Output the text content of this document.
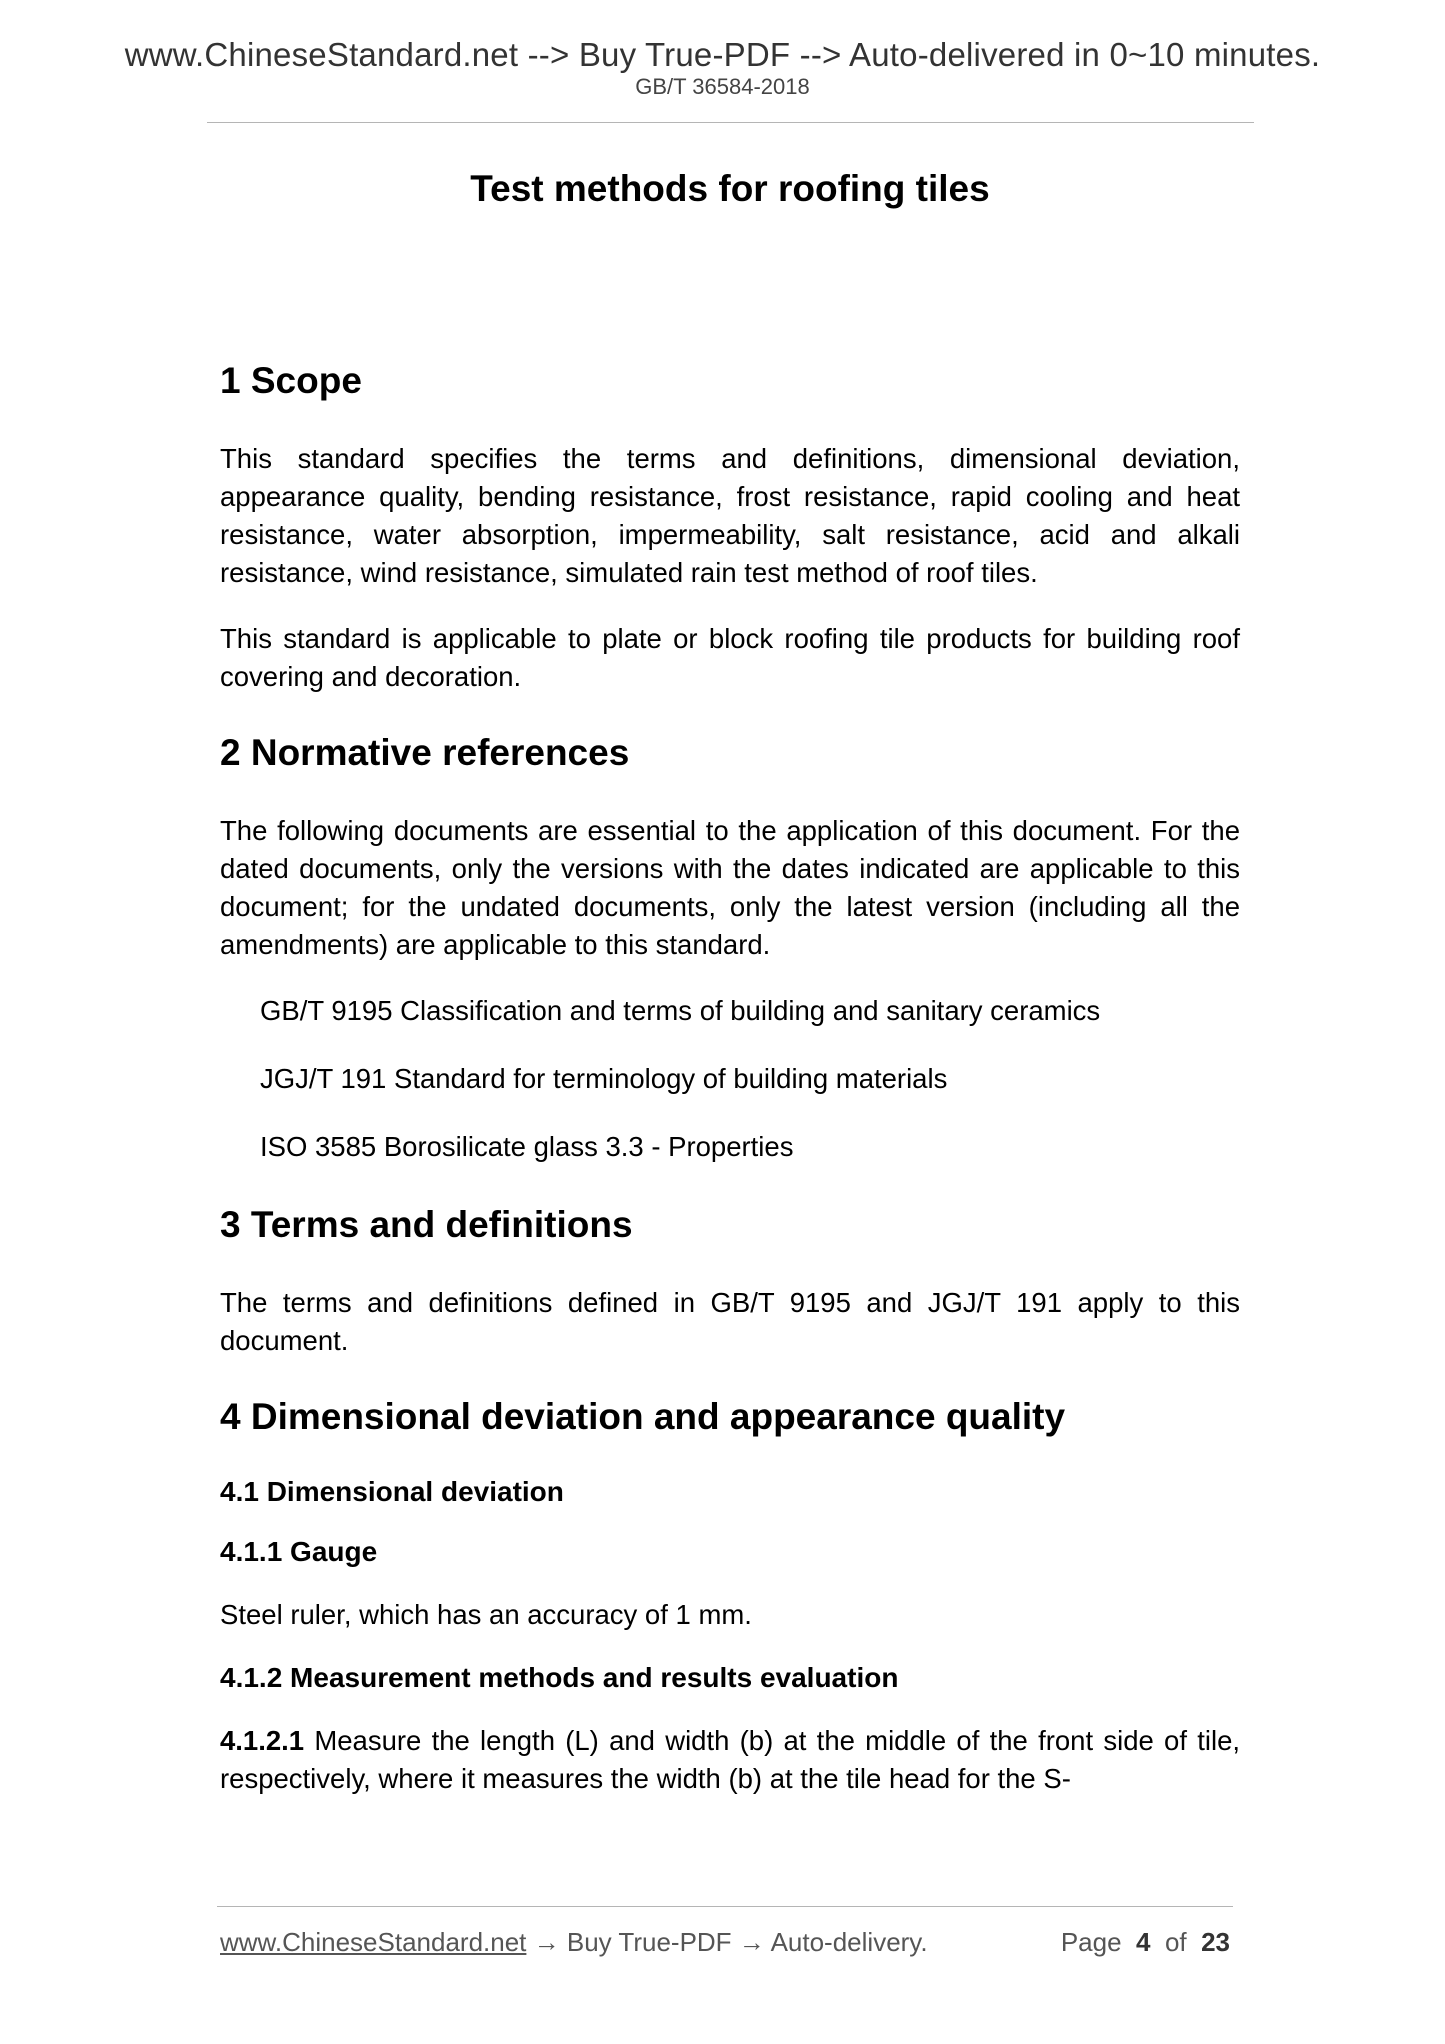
www.ChineseStandard.net --> Buy True-PDF --> Auto-delivered in 0~10 minutes.
GB/T 36584-2018
Test methods for roofing tiles
1 Scope

This standard specifies the terms and definitions, dimensional deviation, appearance quality, bending resistance, frost resistance, rapid cooling and heat resistance, water absorption, impermeability, salt resistance, acid and alkali resistance, wind resistance, simulated rain test method of roof tiles.

This standard is applicable to plate or block roofing tile products for building roof covering and decoration.

2 Normative references

The following documents are essential to the application of this document. For the dated documents, only the versions with the dates indicated are applicable to this document; for the undated documents, only the latest version (including all the amendments) are applicable to this standard.

GB/T 9195 Classification and terms of building and sanitary ceramics

JGJ/T 191 Standard for terminology of building materials

ISO 3585 Borosilicate glass 3.3 - Properties

3 Terms and definitions

The terms and definitions defined in GB/T 9195 and JGJ/T 191 apply to this document.

4 Dimensional deviation and appearance quality
4.1 Dimensional deviation
4.1.1 Gauge

Steel ruler, which has an accuracy of 1 mm.

4.1.2 Measurement methods and results evaluation

4.1.2.1 Measure the length (L) and width (b) at the middle of the front side of tile, respectively, where it measures the width (b) at the tile head for the S-

www.ChineseStandard.net → Buy True-PDF → Auto-delivery.	Page 4 of 23
